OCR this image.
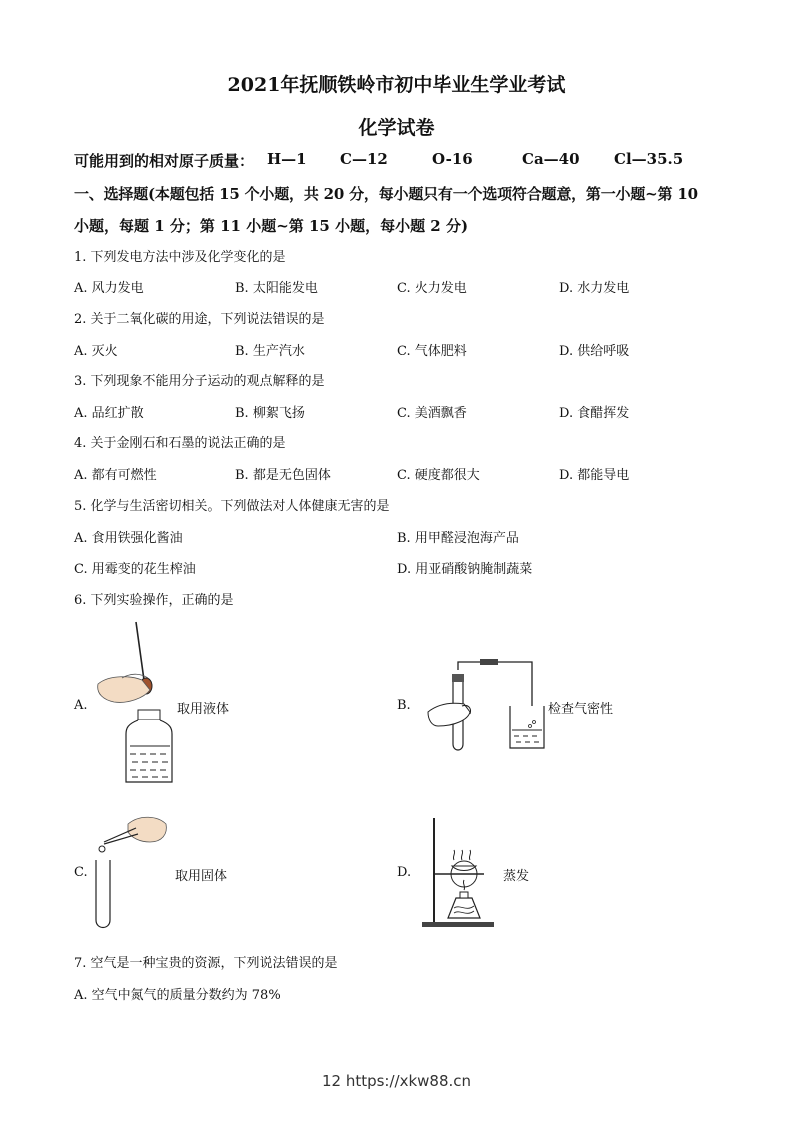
2021年抚顺铁岭市初中毕业生学业考试
化学试卷
可能用到的相对原子质量： H—1 C—12	O-16	Ca—40 Cl—35.5
一、选择题(本题包括 15 个小题，共 20 分，每小题只有一个选项符合题意，第一小题~第 10
小题，每题 1 分；第 11 小题~第 15 小题，每小题 2 分)
1. 下列发电方法中涉及化学变化的是
A. 风力发电	B. 太阳能发电	C. 火力发电	D. 水力发电
2. 关于二氧化碳的用途，下列说法错误的是
A. 灭火	B. 生产汽水	C. 气体肥料	D. 供给呼吸
3. 下列现象不能用分子运动的观点解释的是
A. 品红扩散	B. 柳絮飞扬	C. 美酒飘香	D. 食醋挥发
4. 关于金刚石和石墨的说法正确的是
A. 都有可燃性	B. 都是无色固体	C. 硬度都很大	D. 都能导电
5. 化学与生活密切相关。下列做法对人体健康无害的是
A. 食用铁强化酱油	B. 用甲醛浸泡海产品
C. 用霉变的花生榨油	D. 用亚硝酸钠腌制蔬菜
6. 下列实验操作，正确的是
A.	取用液体	B.	检查气密性
C.	取用固体	D.	蒸发
7. 空气是一种宝贵的资源，下列说法错误的是
A. 空气中氮气的质量分数约为 78%
12 https://xkw88.cn
